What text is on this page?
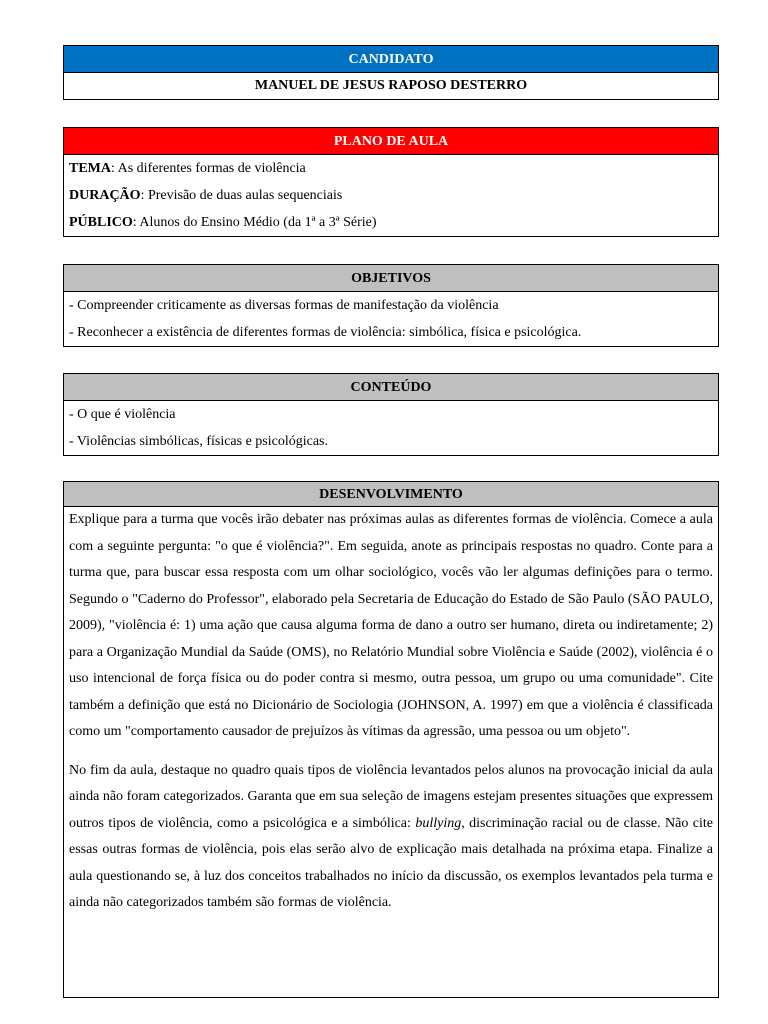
CANDIDATO
MANUEL DE JESUS RAPOSO DESTERRO
PLANO DE AULA
TEMA: As diferentes formas de violência
DURAÇÃO: Previsão de duas aulas sequenciais
PÚBLICO: Alunos do Ensino Médio (da 1ª a 3ª Série)
OBJETIVOS
- Compreender criticamente as diversas formas de manifestação da violência
- Reconhecer a existência de diferentes formas de violência: simbólica, física e psicológica.
CONTEÚDO
- O que é violência
- Violências simbólicas, físicas e psicológicas.
DESENVOLVIMENTO

Explique para a turma que vocês irão debater nas próximas aulas as diferentes formas de violência. Comece a aula com a seguinte pergunta: "o que é violência?". Em seguida, anote as principais respostas no quadro. Conte para a turma que, para buscar essa resposta com um olhar sociológico, vocês vão ler algumas definições para o termo. Segundo o "Caderno do Professor", elaborado pela Secretaria de Educação do Estado de São Paulo (SÃO PAULO, 2009), "violência é: 1) uma ação que causa alguma forma de dano a outro ser humano, direta ou indiretamente; 2) para a Organização Mundial da Saúde (OMS), no Relatório Mundial sobre Violência e Saúde (2002), violência é o uso intencional de força física ou do poder contra si mesmo, outra pessoa, um grupo ou uma comunidade". Cite também a definição que está no Dicionário de Sociologia (JOHNSON, A. 1997) em que a violência é classificada como um "comportamento causador de prejuízos às vítimas da agressão, uma pessoa ou um objeto".

No fim da aula, destaque no quadro quais tipos de violência levantados pelos alunos na provocação inicial da aula ainda não foram categorizados. Garanta que em sua seleção de imagens estejam presentes situações que expressem outros tipos de violência, como a psicológica e a simbólica: bullying, discriminação racial ou de classe. Não cite essas outras formas de violência, pois elas serão alvo de explicação mais detalhada na próxima etapa. Finalize a aula questionando se, à luz dos conceitos trabalhados no início da discussão, os exemplos levantados pela turma e ainda não categorizados também são formas de violência.
